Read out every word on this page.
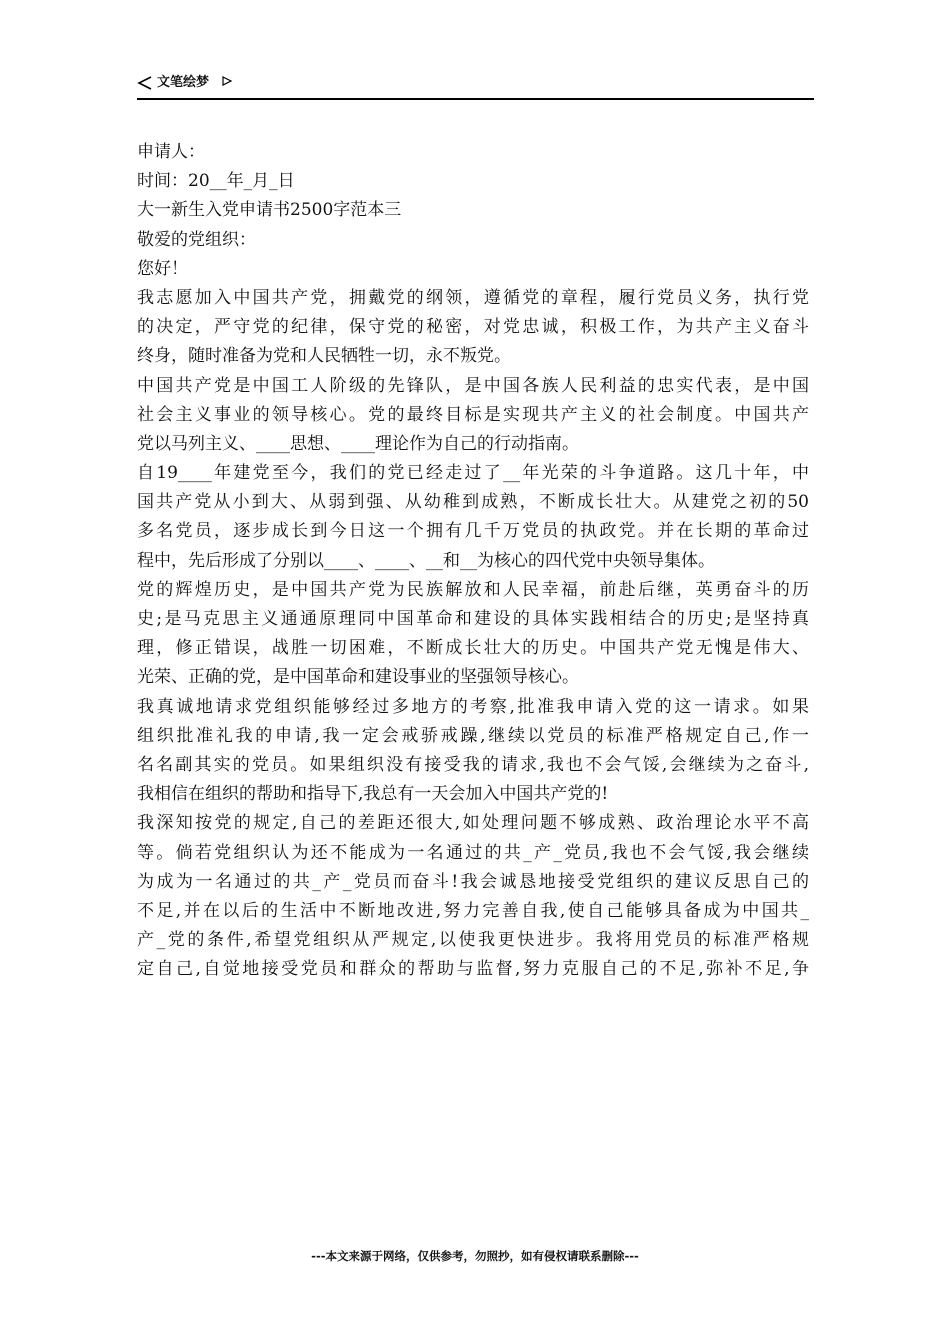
文笔绘梦
申请人：
时间：20__年_月_日
大一新生入党申请书2500字范本三
敬爱的党组织：
您好！
我志愿加入中国共产党，拥戴党的纲领，遵循党的章程，履行党员义务，执行党
的决定，严守党的纪律，保守党的秘密，对党忠诚，积极工作，为共产主义奋斗
终身，随时准备为党和人民牺牲一切，永不叛党。
中国共产党是中国工人阶级的先锋队，是中国各族人民利益的忠实代表，是中国
社会主义事业的领导核心。党的最终目标是实现共产主义的社会制度。中国共产
党以马列主义、____思想、____理论作为自己的行动指南。
自19____年建党至今，我们的党已经走过了__年光荣的斗争道路。这几十年，中
国共产党从小到大、从弱到强、从幼稚到成熟，不断成长壮大。从建党之初的50
多名党员，逐步成长到今日这一个拥有几千万党员的执政党。并在长期的革命过
程中，先后形成了分别以____、____、__和__为核心的四代党中央领导集体。
党的辉煌历史，是中国共产党为民族解放和人民幸福，前赴后继，英勇奋斗的历
史;是马克思主义通通原理同中国革命和建设的具体实践相结合的历史;是坚持真
理，修正错误，战胜一切困难，不断成长壮大的历史。中国共产党无愧是伟大、
光荣、正确的党，是中国革命和建设事业的坚强领导核心。
我真诚地请求党组织能够经过多地方的考察,批准我申请入党的这一请求。如果
组织批准礼我的申请,我一定会戒骄戒躁,继续以党员的标准严格规定自己,作一
名名副其实的党员。如果组织没有接受我的请求,我也不会气馁,会继续为之奋斗,
我相信在组织的帮助和指导下,我总有一天会加入中国共产党的!
我深知按党的规定,自己的差距还很大,如处理问题不够成熟、政治理论水平不高
等。倘若党组织认为还不能成为一名通过的共_产_党员,我也不会气馁,我会继续
为成为一名通过的共_产_党员而奋斗!我会诚恳地接受党组织的建议反思自己的
不足,并在以后的生活中不断地改进,努力完善自我,使自己能够具备成为中国共_
产_党的条件,希望党组织从严规定,以使我更快进步。我将用党员的标准严格规
定自己,自觉地接受党员和群众的帮助与监督,努力克服自己的不足,弥补不足,争
---本文来源于网络，仅供参考，勿照抄，如有侵权请联系删除---
